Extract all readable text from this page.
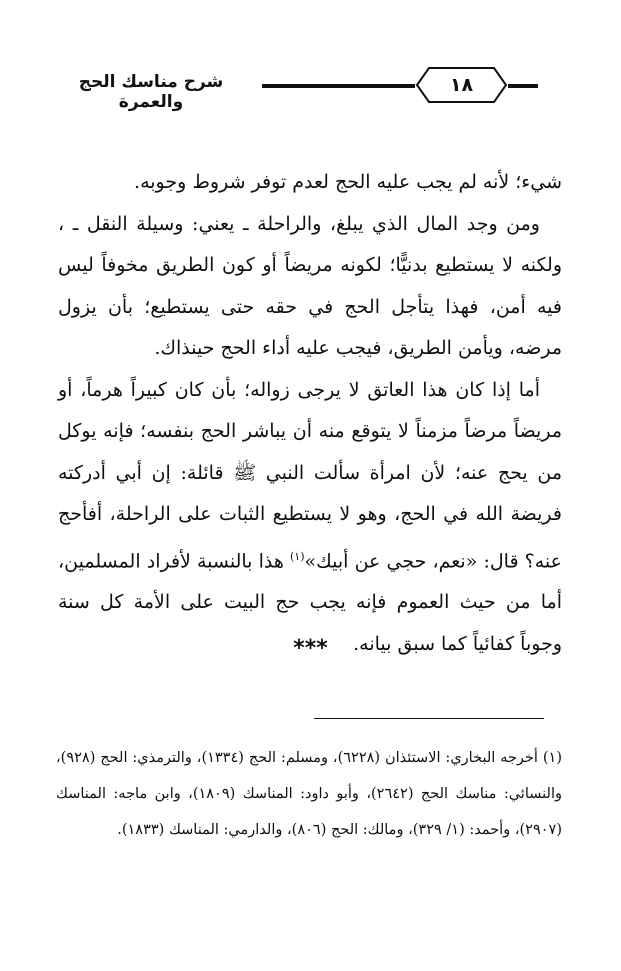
شرح مناسك الحج والعمرة
١٨

شيء؛ لأنه لم يجب عليه الحج لعدم توفر شروط وجوبه.

ومن وجد المال الذي يبلغ، والراحلة ـ يعني: وسيلة النقل ـ ، ولكنه لا يستطيع بدنيًّا؛ لكونه مريضاً أو كون الطريق مخوفاً ليس فيه أمن، فهذا يتأجل الحج في حقه حتى يستطيع؛ بأن يزول مرضه، ويأمن الطريق، فيجب عليه أداء الحج حينذاك.

أما إذا كان هذا العاتق لا يرجى زواله؛ بأن كان كبيراً هرماً، أو مريضاً مرضاً مزمناً لا يتوقع منه أن يباشر الحج بنفسه؛ فإنه يوكل من يحج عنه؛ لأن امرأة سألت النبي ﷺ قائلة: إن أبي أدركته فريضة الله في الحج، وهو لا يستطيع الثبات على الراحلة، أفأحج عنه؟ قال: «نعم، حجي عن أبيك»$^{(١)}$ هذا بالنسبة لأفراد المسلمين، أما من حيث العموم فإنه يجب حج البيت على الأمة كل سنة وجوباً كفائياً كما سبق بيانه.

***
(١) أخرجه البخاري: الاستئذان (٦٢٢٨)، ومسلم: الحج (١٣٣٤)، والترمذي: الحج (٩٢٨)، والنسائي: مناسك الحج (٢٦٤٢)، وأبو داود: المناسك (١٨٠٩)، وابن ماجه: المناسك (٢٩٠٧)، وأحمد: (١/ ٣٢٩)، ومالك: الحج (٨٠٦)، والدارمي: المناسك (١٨٣٣).
